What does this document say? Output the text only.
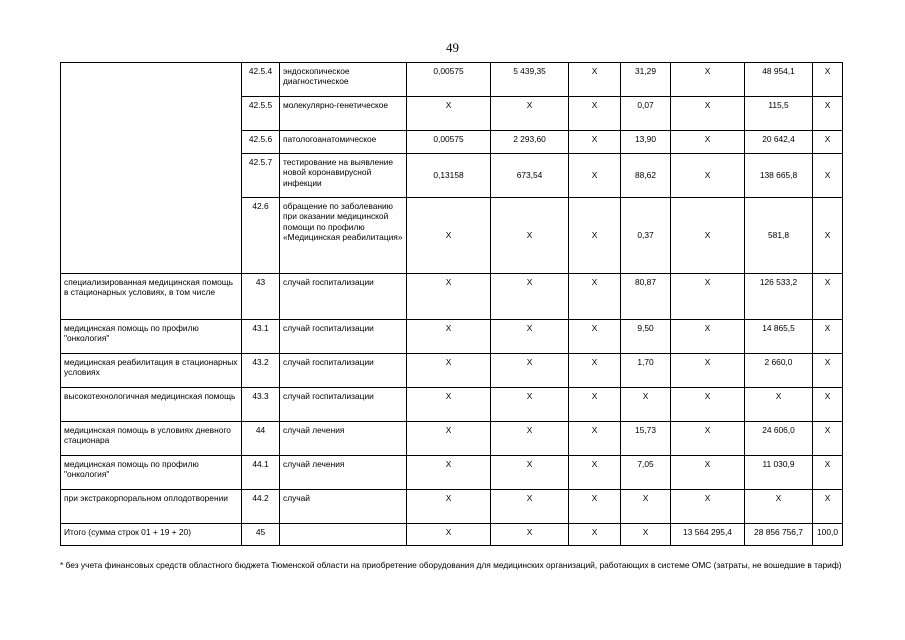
49
	42.5.4	эндоскопическое диагностическое	0,00575	5 439,35	Х	31,29	Х	48 954,1	Х
	42.5.5	молекулярно-генетическое	Х	Х	Х	0,07	Х	115,5	Х
	42.5.6	патологоанатомическое	0,00575	2 293,60	Х	13,90	Х	20 642,4	Х
	42.5.7	тестирование на выявление новой коронавирусной инфекции	0,13158	673,54	Х	88,62	Х	138 665,8	Х
	42.6	обращение по заболеванию при оказании медицинской помощи по профилю «Медицинская реабилитация»	Х	Х	Х	0,37	Х	581,8	Х
специализированная медицинская помощь в стационарных условиях, в том числе	43	случай госпитализации	Х	Х	Х	80,87	Х	126 533,2	Х
медицинская помощь по профилю "онкология"	43.1	случай госпитализации	Х	Х	Х	9,50	Х	14 865,5	Х
медицинская реабилитация в стационарных условиях	43.2	случай госпитализации	Х	Х	Х	1,70	Х	2 660,0	Х
высокотехнологичная медицинская помощь	43.3	случай госпитализации	Х	Х	Х	Х	Х	Х	Х
медицинская помощь в условиях дневного стационара	44	случай лечения	Х	Х	Х	15,73	Х	24 606,0	Х
медицинская помощь по профилю "онкология"	44.1	случай лечения	Х	Х	Х	7,05	Х	11 030,9	Х
при экстракорпоральном оплодотворении	44.2	случай	Х	Х	Х	Х	Х	Х	Х
Итого (сумма строк 01 + 19 + 20)	45		Х	Х	Х	Х	13 564 295,4	28 856 756,7	100,0
* без учета финансовых средств областного бюджета Тюменской области на приобретение оборудования для медицинских организаций, работающих в системе ОМС (затраты, не вошедшие в тариф)
